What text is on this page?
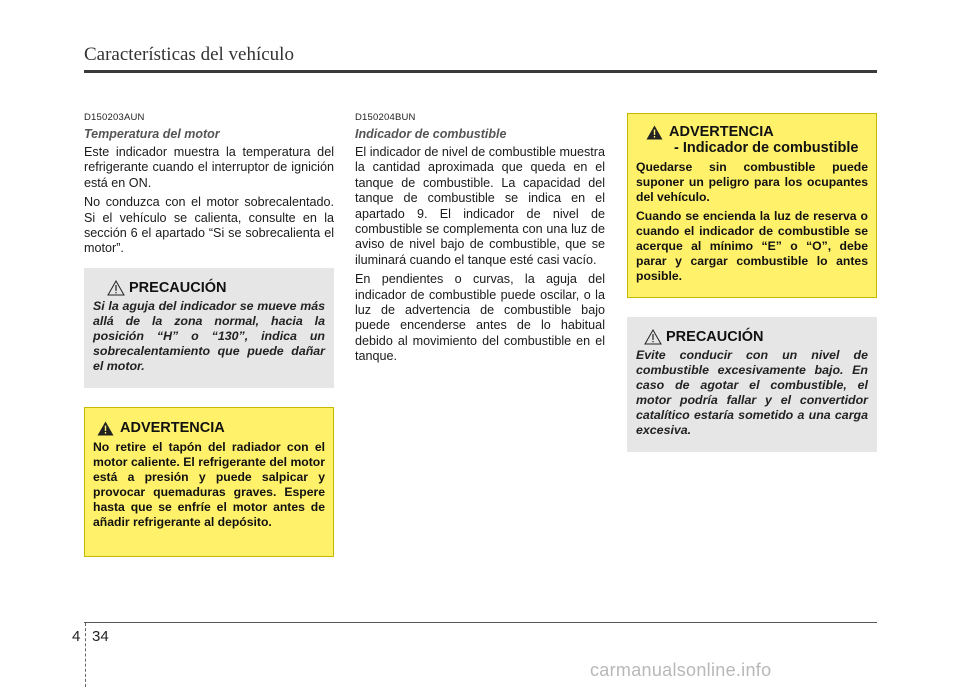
Características del vehículo
D150203AUN
Temperatura del motor

Este indicador muestra la temperatura del refrigerante cuando el interruptor de ignición está en ON.

No conduzca con el motor sobrecalentado. Si el vehículo se calienta, consulte en la sección 6 el apartado “Si se sobrecalienta el motor”.

PRECAUCIÓN

Si la aguja del indicador se mueve más allá de la zona normal, hacia la posición “H” o “130”, indica un sobrecalentamiento que puede dañar el motor.

ADVERTENCIA

No retire el tapón del radiador con el motor caliente. El refrigerante del motor está a presión y puede salpicar y provocar quemaduras graves. Espere hasta que se enfríe el motor antes de añadir refrigerante al depósito.

D150204BUN
Indicador de combustible

El indicador de nivel de combustible muestra la cantidad aproximada que queda en el tanque de combustible. La capacidad del tanque de combustible se indica en el apartado 9. El indicador de nivel de combustible se complementa con una luz de aviso de nivel bajo de combustible, que se iluminará cuando el tanque esté casi vacío.

En pendientes o curvas, la aguja del indicador de combustible puede oscilar, o la luz de advertencia de combustible bajo puede encenderse antes de lo habitual debido al movimiento del combustible en el tanque.

ADVERTENCIA
- Indicador de combustible

Quedarse sin combustible puede suponer un peligro para los ocupantes del vehículo.

Cuando se encienda la luz de reserva o cuando el indicador de combustible se acerque al mínimo “E” o “O”, debe parar y cargar combustible lo antes posible.

PRECAUCIÓN

Evite conducir con un nivel de combustible excesivamente bajo. En caso de agotar el combustible, el motor podría fallar y el convertidor catalítico estaría sometido a una carga excesiva.

4 34
carmanualsonline.info
